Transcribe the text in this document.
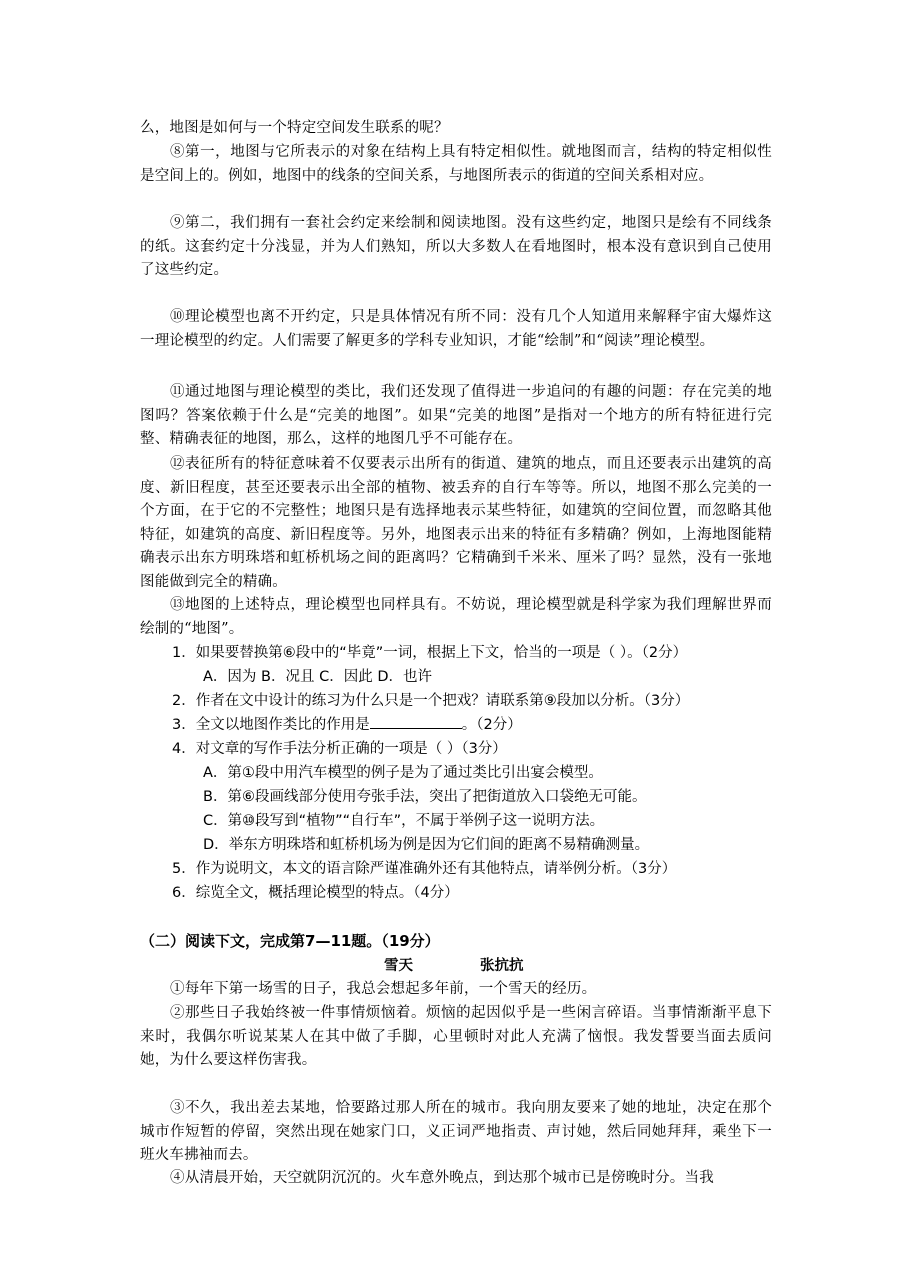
么，地图是如何与一个特定空间发生联系的呢？
⑧第一，地图与它所表示的对象在结构上具有特定相似性。就地图而言，结构的特定相似性是空间上的。例如，地图中的线条的空间关系，与地图所表示的街道的空间关系相对应。
⑨第二，我们拥有一套社会约定来绘制和阅读地图。没有这些约定，地图只是绘有不同线条的纸。这套约定十分浅显，并为人们熟知，所以大多数人在看地图时，根本没有意识到自己使用了这些约定。
⑩理论模型也离不开约定，只是具体情况有所不同：没有几个人知道用来解释宇宙大爆炸这一理论模型的约定。人们需要了解更多的学科专业知识，才能“绘制”和“阅读”理论模型。
⑪通过地图与理论模型的类比，我们还发现了值得进一步追问的有趣的问题：存在完美的地图吗？答案依赖于什么是“完美的地图”。如果“完美的地图”是指对一个地方的所有特征进行完整、精确表征的地图，那么，这样的地图几乎不可能存在。
⑫表征所有的特征意味着不仅要表示出所有的街道、建筑的地点，而且还要表示出建筑的高度、新旧程度，甚至还要表示出全部的植物、被丢弃的自行车等等。所以，地图不那么完美的一个方面，在于它的不完整性；地图只是有选择地表示某些特征，如建筑的空间位置，而忽略其他特征，如建筑的高度、新旧程度等。另外，地图表示出来的特征有多精确？例如，上海地图能精确表示出东方明珠塔和虹桥机场之间的距离吗？它精确到千米米、厘米了吗？显然，没有一张地图能做到完全的精确。
⑬地图的上述特点，理论模型也同样具有。不妨说，理论模型就是科学家为我们理解世界而绘制的“地图”。
1．如果要替换第⑥段中的“毕竟”一词，根据上下文，恰当的一项是（ ）。（2分）
A．因为 B．况且 C．因此 D．也许
2．作者在文中设计的练习为什么只是一个把戏？请联系第⑨段加以分析。（3分）
3．全文以地图作类比的作用是	。（2分）
4．对文章的写作手法分析正确的一项是（ ）（3分）
A．第①段中用汽车模型的例子是为了通过类比引出宴会模型。
B．第⑥段画线部分使用夸张手法，突出了把街道放入口袋绝无可能。
C．第⑩段写到“植物”“自行车”，不属于举例子这一说明方法。
D．举东方明珠塔和虹桥机场为例是因为它们间的距离不易精确测量。
5．作为说明文，本文的语言除严谨准确外还有其他特点，请举例分析。（3分）
6．综览全文，概括理论模型的特点。（4分）
（二）阅读下文，完成第7—11题。（19分）
雪天	张抗抗
①每年下第一场雪的日子，我总会想起多年前，一个雪天的经历。
②那些日子我始终被一件事情烦恼着。烦恼的起因似乎是一些闲言碎语。当事情渐渐平息下来时，我偶尔听说某某人在其中做了手脚，心里顿时对此人充满了恼恨。我发誓要当面去质问她，为什么要这样伤害我。
③不久，我出差去某地，恰要路过那人所在的城市。我向朋友要来了她的地址，决定在那个城市作短暂的停留，突然出现在她家门口，义正词严地指责、声讨她，然后同她拜拜，乘坐下一班火车拂袖而去。
④从清晨开始，天空就阴沉沉的。火车意外晚点，到达那个城市已是傍晚时分。当我
